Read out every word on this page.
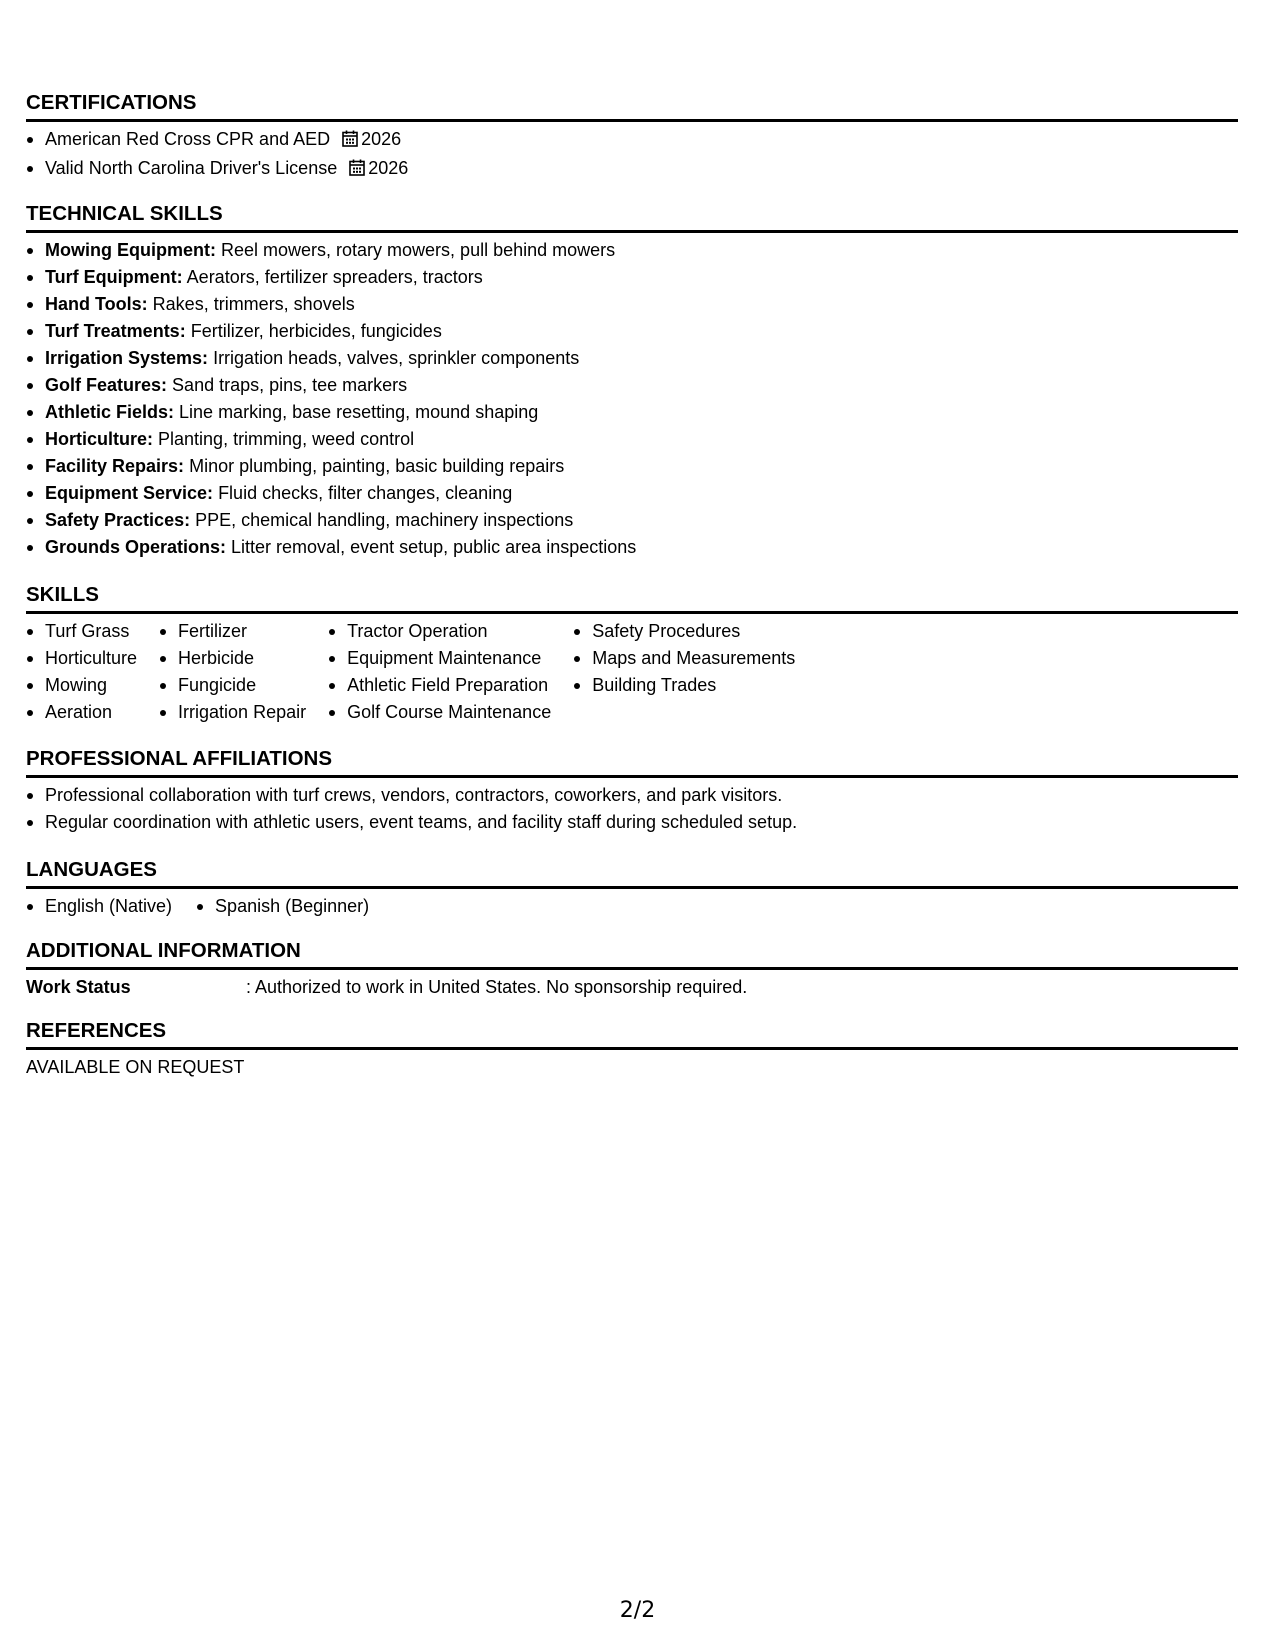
CERTIFICATIONS
American Red Cross CPR and AED 2026
Valid North Carolina Driver's License 2026
TECHNICAL SKILLS
Mowing Equipment: Reel mowers, rotary mowers, pull behind mowers
Turf Equipment: Aerators, fertilizer spreaders, tractors
Hand Tools: Rakes, trimmers, shovels
Turf Treatments: Fertilizer, herbicides, fungicides
Irrigation Systems: Irrigation heads, valves, sprinkler components
Golf Features: Sand traps, pins, tee markers
Athletic Fields: Line marking, base resetting, mound shaping
Horticulture: Planting, trimming, weed control
Facility Repairs: Minor plumbing, painting, basic building repairs
Equipment Service: Fluid checks, filter changes, cleaning
Safety Practices: PPE, chemical handling, machinery inspections
Grounds Operations: Litter removal, event setup, public area inspections
SKILLS
Turf Grass
Horticulture
Mowing
Aeration
Fertilizer
Herbicide
Fungicide
Irrigation Repair
Tractor Operation
Equipment Maintenance
Athletic Field Preparation
Golf Course Maintenance
Safety Procedures
Maps and Measurements
Building Trades
PROFESSIONAL AFFILIATIONS
Professional collaboration with turf crews, vendors, contractors, coworkers, and park visitors.
Regular coordination with athletic users, event teams, and facility staff during scheduled setup.
LANGUAGES
English (Native)	Spanish (Beginner)
ADDITIONAL INFORMATION
Work Status	: Authorized to work in United States. No sponsorship required.
REFERENCES
AVAILABLE ON REQUEST
2/2
